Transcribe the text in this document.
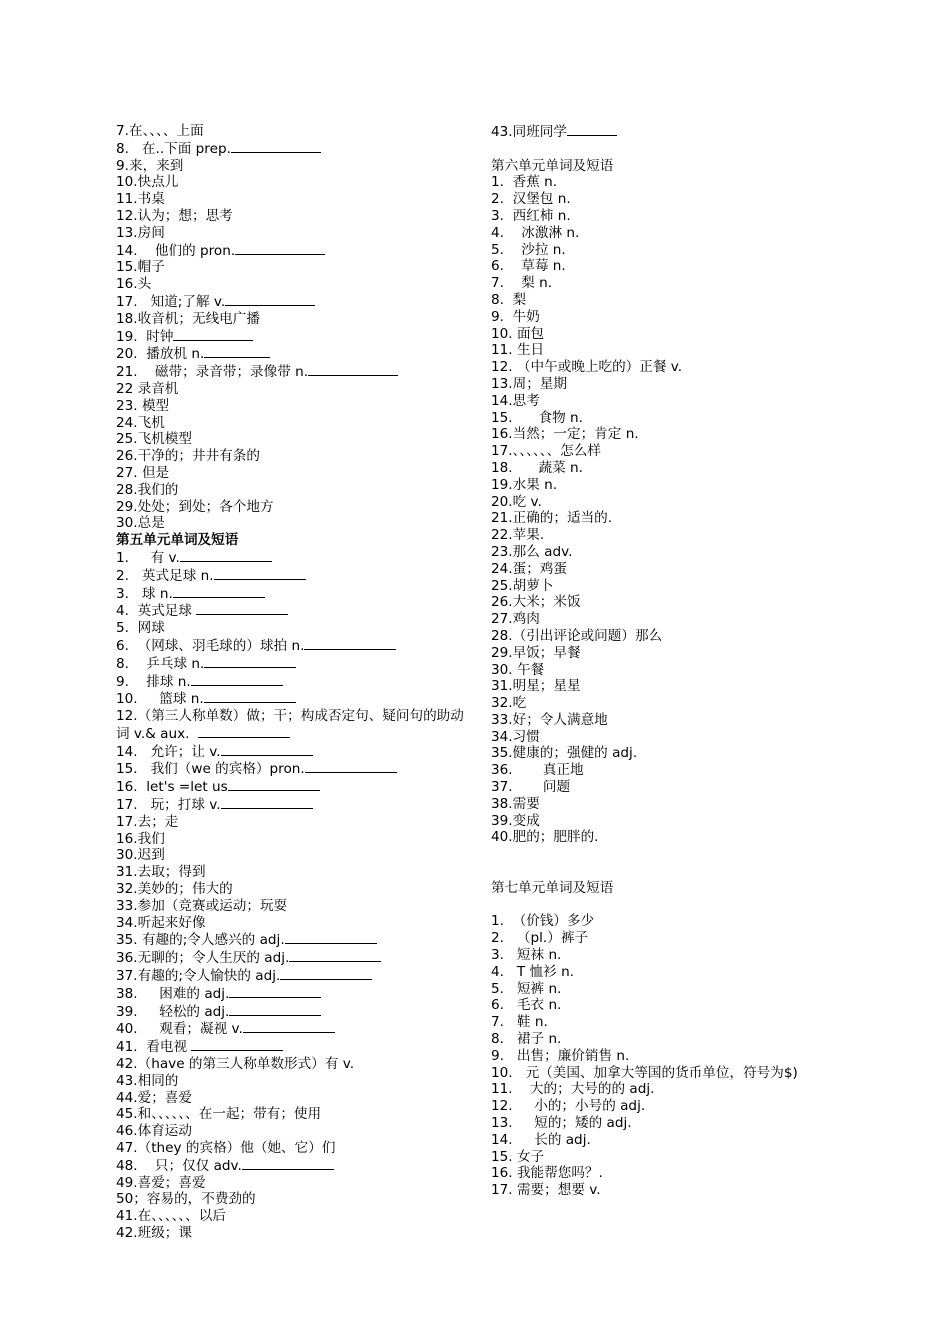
7.在、、、、上面
8.   在..下面 prep.
9.来，来到
10.快点儿
11.书桌
12.认为；想；思考
13.房间
14.    他们的 pron.
15.帽子
16.头
17.   知道;了解 v.
18.收音机；无线电广播
19.  时钟
20.  播放机 n.
21.    磁带；录音带；录像带 n.
22 录音机
23. 模型
24.飞机
25.飞机模型
26.干净的；井井有条的
27. 但是
28.我们的
29.处处；到处；各个地方
30.总是
第五单元单词及短语
1.     有 v.
2.   英式足球 n.
3.   球 n.
4.  英式足球
5.  网球
6.  （网球、羽毛球的）球拍 n.
8.    乒乓球 n.
9.    排球 n.
10.     篮球 n.
12.（第三人称单数）做；干；构成否定句、疑问句的助动词 v.& aux.
14.   允许；让 v.
15.   我们（we 的宾格）pron.
16.  let's =let us
17.   玩；打球 v.
17.去；走
16.我们
30.迟到
31.去取；得到
32.美妙的；伟大的
33.参加（竞赛或运动；玩耍
34.听起来好像
35. 有趣的;令人感兴的 adj.
36.无聊的；令人生厌的 adj.
37.有趣的;令人愉快的 adj.
38.     困难的 adj.
39.     轻松的 adj.
40.     观看；凝视 v.
41.  看电视
42.（have 的第三人称单数形式）有 v.
43.相同的
44.爱；喜爱
45.和、、、、、、在一起；带有；使用
46.体育运动
47.（they 的宾格）他（她、它）们
48.    只；仅仅 adv.
49.喜爱；喜爱
50；容易的，不费劲的
41.在、、、、、、以后
42.班级；课
43.同班同学

第六单元单词及短语
1.  香蕉 n.
2.  汉堡包 n.
3.  西红柿 n.
4.    冰激淋 n.
5.    沙拉 n.
6.    草莓 n.
7.    梨 n.
8.  梨
9.  牛奶
10. 面包
11. 生日
12. （中午或晚上吃的）正餐 v.
13.周；星期
14.思考
15.      食物 n.
16.当然；一定；肯定 n.
17.、、、、、、怎么样
18.      蔬菜 n.
19.水果 n.
20.吃 v.
21.正确的；适当的.
22.苹果.
23.那么 adv.
24.蛋；鸡蛋
25.胡萝卜
26.大米；米饭
27.鸡肉
28.（引出评论或问题）那么
29.早饭；早餐
30. 午餐
31.明星；星星
32.吃
33.好；令人满意地
34.习惯
35.健康的；强健的 adj.
36.       真正地
37.       问题
38.需要
39.变成
40.肥的；肥胖的.

第七单元单词及短语

1.  （价钱）多少
2.   （pl.）裤子
3.   短袜 n.
4.   T 恤衫 n.
5.   短裤 n.
6.   毛衣 n.
7.   鞋 n.
8.   裙子 n.
9.   出售；廉价销售 n.
10.   元（美国、加拿大等国的货币单位，符号为$)
11.    大的；大号的的 adj.
12.     小的；小号的 adj.
13.     短的；矮的 adj.
14.     长的 adj.
15. 女子
16. 我能帮您吗？.
17. 需要；想要 v.
